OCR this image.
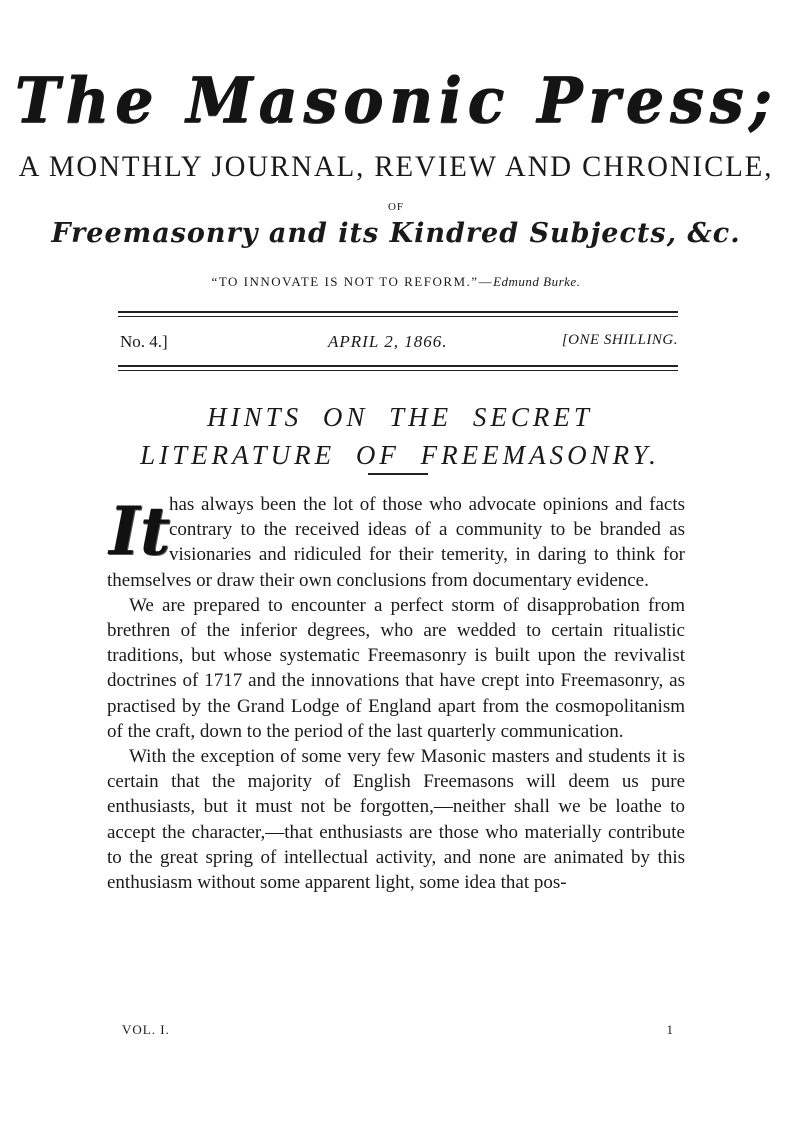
The Masonic Press;
A MONTHLY JOURNAL, REVIEW AND CHRONICLE,
OF
Freemasonry and its Kindred Subjects, &c.
“TO INNOVATE IS NOT TO REFORM.”—Edmund Burke.
No. 4.]	APRIL 2, 1866.	[ONE SHILLING.
HINTS ON THE SECRET LITERATURE OF FREEMASONRY.

It
has always been the lot of those who advocate opinions and facts contrary to the received ideas of a community to be branded as visionaries and ridiculed for their temerity, in daring to think for themselves or draw their own conclusions from documentary evidence.

We are prepared to encounter a perfect storm of disapprobation from brethren of the inferior degrees, who are wedded to certain ritualistic traditions, but whose systematic Freemasonry is built upon the revivalist doctrines of 1717 and the innovations that have crept into Freemasonry, as practised by the Grand Lodge of England apart from the cosmopolitanism of the craft, down to the period of the last quarterly communication.

With the exception of some very few Masonic masters and students it is certain that the majority of English Freemasons will deem us pure enthusiasts, but it must not be forgotten,—neither shall we be loathe to accept the character,—that enthusiasts are those who materially contribute to the great spring of intellectual activity, and none are animated by this enthusiasm without some apparent light, some idea that pos-

VOL. I.	1
